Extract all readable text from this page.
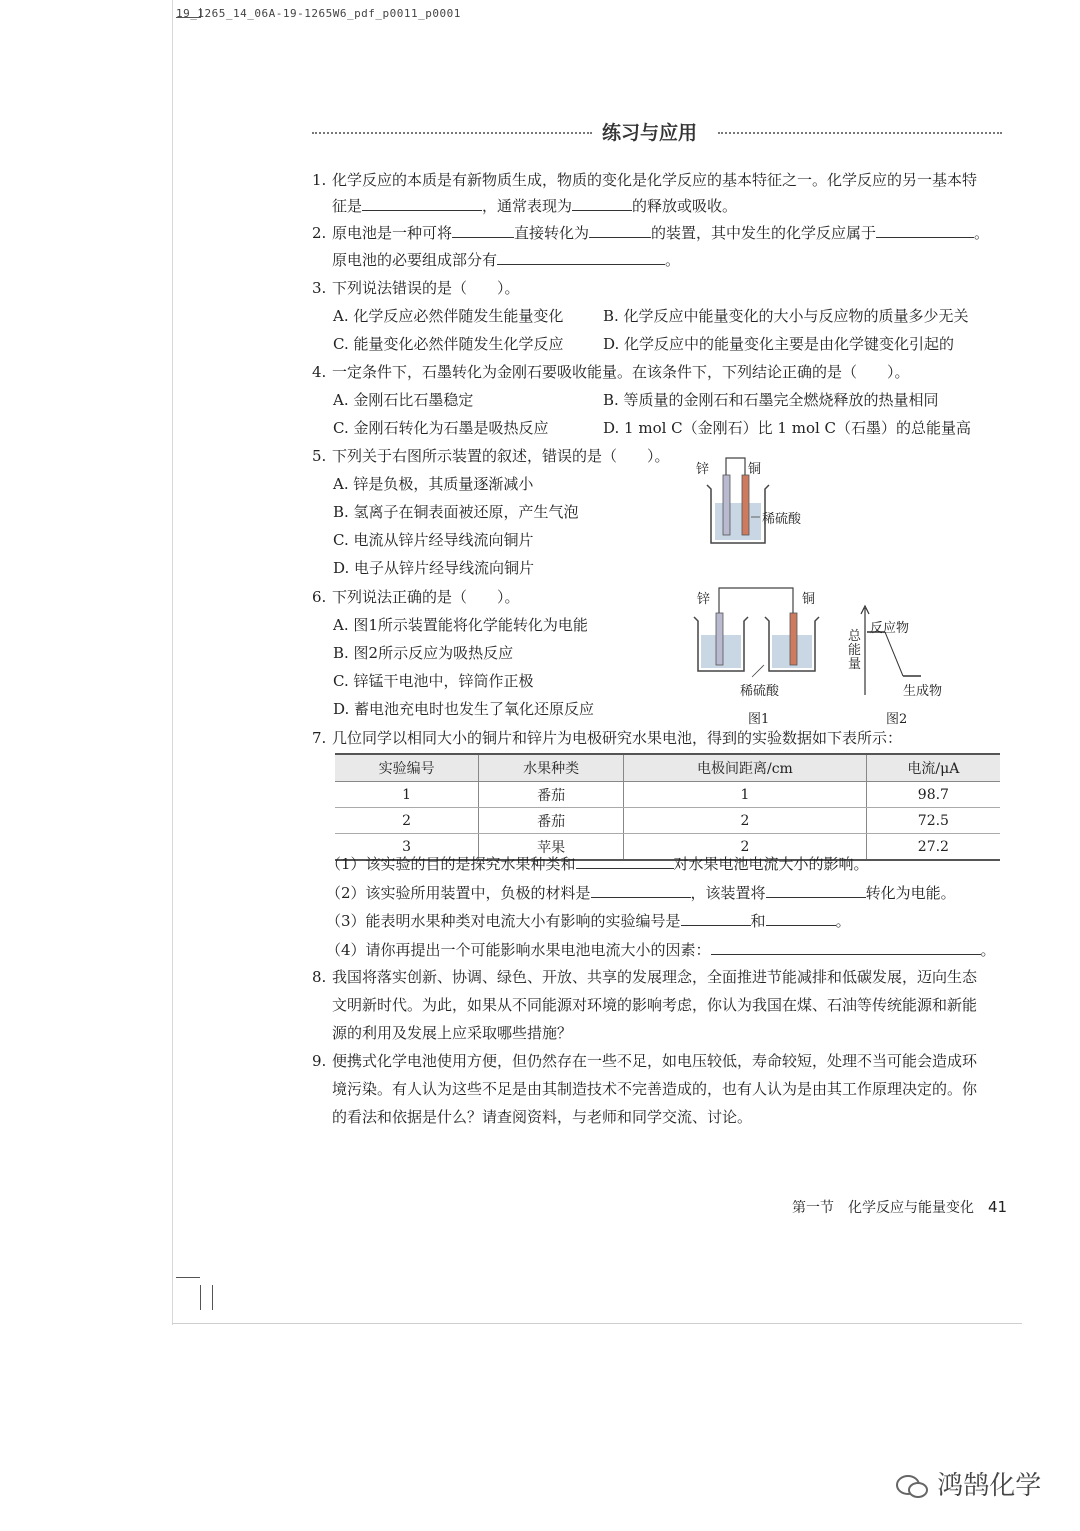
19_1265_14_06A-19-1265W6_pdf_p0011_p0001
练习与应用
1. 化学反应的本质是有新物质生成，物质的变化是化学反应的基本特征之一。化学反应的另一基本特
征是	，通常表现为	的释放或吸收。
2. 原电池是一种可将	直接转化为	的装置，其中发生的化学反应属于	。
原电池的必要组成部分有	。
3. 下列说法错误的是（　　）。
A. 化学反应必然伴随发生能量变化	B. 化学反应中能量变化的大小与反应物的质量多少无关
C. 能量变化必然伴随发生化学反应	D. 化学反应中的能量变化主要是由化学键变化引起的
4. 一定条件下，石墨转化为金刚石要吸收能量。在该条件下，下列结论正确的是（　　）。
A. 金刚石比石墨稳定	B. 等质量的金刚石和石墨完全燃烧释放的热量相同
C. 金刚石转化为石墨是吸热反应	D. 1 mol C（金刚石）比 1 mol C（石墨）的总能量高
5. 下列关于右图所示装置的叙述，错误的是（　　）。
A. 锌是负极，其质量逐渐减小
B. 氢离子在铜表面被还原，产生气泡
C. 电流从锌片经导线流向铜片
D. 电子从锌片经导线流向铜片
锌	铜
稀硫酸
6. 下列说法正确的是（　　）。
A. 图1所示装置能将化学能转化为电能
B. 图2所示反应为吸热反应
C. 锌锰干电池中，锌筒作正极
D. 蓄电池充电时也发生了氧化还原反应
锌	铜
稀硫酸
图1
总能量
反应物
生成物
图2
7. 几位同学以相同大小的铜片和锌片为电极研究水果电池，得到的实验数据如下表所示：
实验编号	水果种类	电极间距离/cm	电流/μA
1	番茄	1	98.7
2	番茄	2	72.5
3	苹果	2	27.2
（1）该实验的目的是探究水果种类和	对水果电池电流大小的影响。
（2）该实验所用装置中，负极的材料是	，该装置将	转化为电能。
（3）能表明水果种类对电流大小有影响的实验编号是	和	。
（4）请你再提出一个可能影响水果电池电流大小的因素：	。
8. 我国将落实创新、协调、绿色、开放、共享的发展理念，全面推进节能减排和低碳发展，迈向生态
文明新时代。为此，如果从不同能源对环境的影响考虑，你认为我国在煤、石油等传统能源和新能
源的利用及发展上应采取哪些措施？
9. 便携式化学电池使用方便，但仍然存在一些不足，如电压较低，寿命较短，处理不当可能会造成环
境污染。有人认为这些不足是由其制造技术不完善造成的，也有人认为是由其工作原理决定的。你
的看法和依据是什么？请查阅资料，与老师和同学交流、讨论。
第一节　化学反应与能量变化 41
鸿鹄化学
